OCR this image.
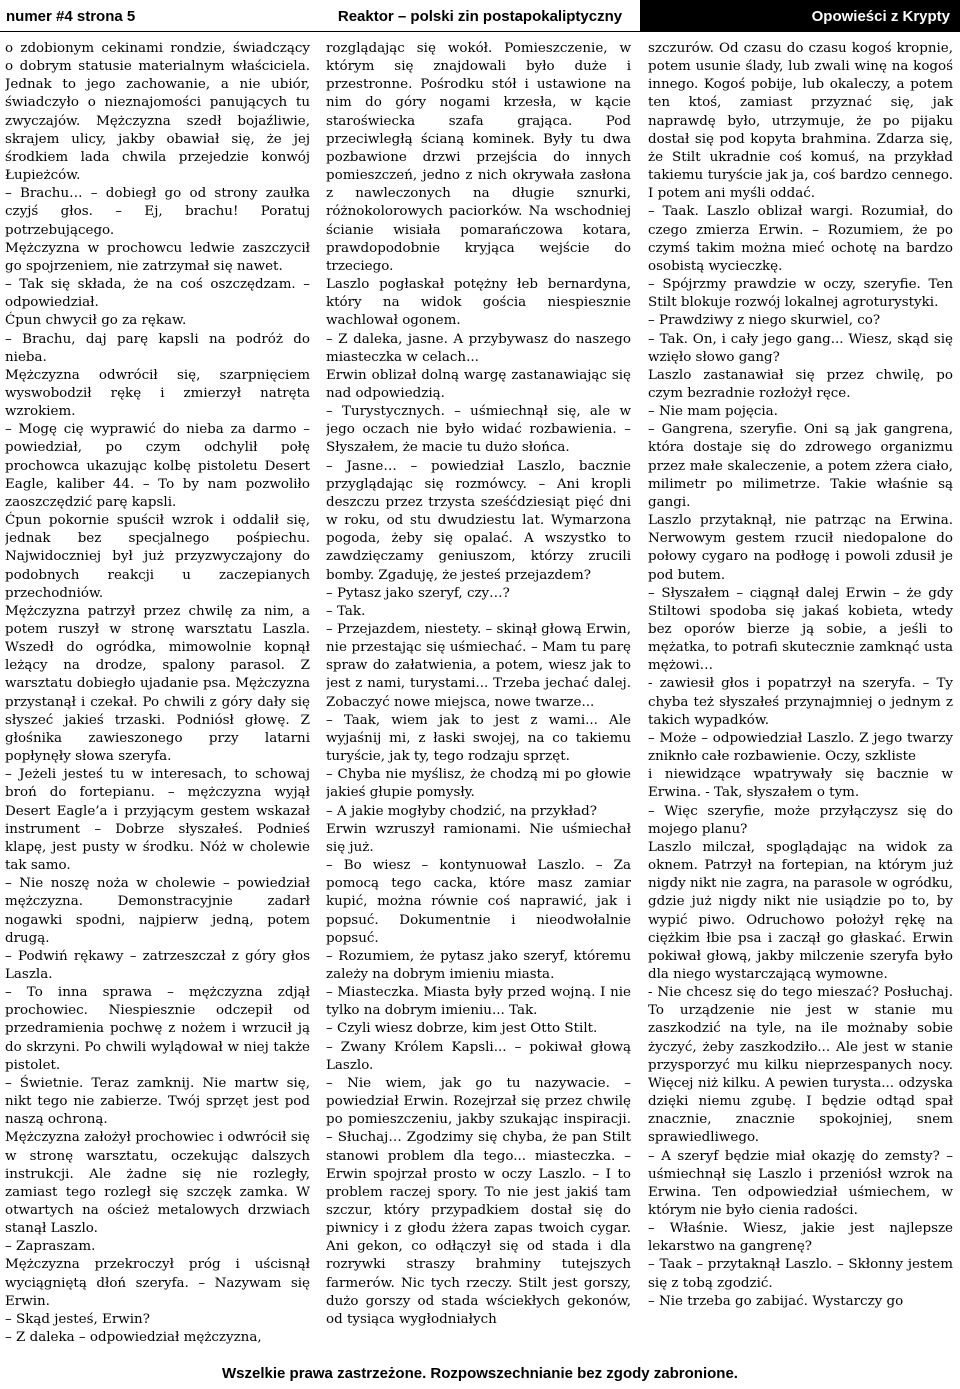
numer #4 strona 5	Reaktor – polski zin postapokaliptyczny	Opowieści z Krypty

o zdobionym cekinami rondzie, świadczący o dobrym statusie materialnym właściciela. Jednak to jego zachowanie, a nie ubiór, świadczyło o nieznajomości panujących tu zwyczajów. Mężczyzna szedł bojaźliwie, skrajem ulicy, jakby obawiał się, że jej środkiem lada chwila przejedzie konwój Łupieżców.

– Brachu… – dobiegł go od strony zaułka czyjś głos. – Ej, brachu! Poratuj potrzebującego.

Mężczyzna w prochowcu ledwie zaszczycił go spojrzeniem, nie zatrzymał się nawet.

– Tak się składa, że na coś oszczędzam. – odpowiedział.

Ćpun chwycił go za rękaw.

– Brachu, daj parę kapsli na podróż do nieba.

Mężczyzna odwrócił się, szarpnięciem wyswobodził rękę i zmierzył natręta wzrokiem.

– Mogę cię wyprawić do nieba za darmo – powiedział, po czym odchylił połę prochowca ukazując kolbę pistoletu Desert Eagle, kaliber 44. – To by nam pozwoliło zaoszczędzić parę kapsli.

Ćpun pokornie spuścił wzrok i oddalił się, jednak bez specjalnego pośpiechu. Najwidoczniej był już przyzwyczajony do podobnych reakcji u zaczepianych przechodniów.

Mężczyzna patrzył przez chwilę za nim, a potem ruszył w stronę warsztatu Laszla. Wszedł do ogródka, mimowolnie kopnął leżący na drodze, spalony parasol. Z warsztatu dobiegło ujadanie psa. Mężczyzna przystanął i czekał. Po chwili z góry dały się słyszeć jakieś trzaski. Podniósł głowę. Z głośnika zawieszonego przy latarni popłynęły słowa szeryfa.

– Jeżeli jesteś tu w interesach, to schowaj broń do fortepianu. – mężczyzna wyjął Desert Eagle’a i przyjącym gestem wskazał instrument – Dobrze słyszałeś. Podnieś klapę, jest pusty w środku. Nóż w cholewie tak samo.

– Nie noszę noża w cholewie – powiedział mężczyzna. Demonstracyjnie zadarł nogawki spodni, najpierw jedną, potem drugą.

– Podwiń rękawy – zatrzeszczał z góry głos Laszla.

– To inna sprawa – mężczyzna zdjął prochowiec. Niespiesznie odczepił od przedramienia pochwę z nożem i wrzucił ją do skrzyni. Po chwili wylądował w niej także pistolet.

– Świetnie. Teraz zamknij. Nie martw się, nikt tego nie zabierze. Twój sprzęt jest pod naszą ochroną.

Mężczyzna założył prochowiec i odwrócił się w stronę warsztatu, oczekując dalszych instrukcji. Ale żadne się nie rozległy, zamiast tego rozległ się szczęk zamka. W otwartych na oścież metalowych drzwiach stanął Laszlo.

– Zapraszam.

Mężczyzna przekroczył próg i uścisnął wyciągniętą dłoń szeryfa. – Nazywam się Erwin.

– Skąd jesteś, Erwin?

– Z daleka – odpowiedział mężczyzna,

rozglądając się wokół. Pomieszczenie, w którym się znajdowali było duże i przestronne. Pośrodku stół i ustawione na nim do góry nogami krzesła, w kącie staroświecka szafa grająca. Pod przeciwległą ścianą kominek. Były tu dwa pozbawione drzwi przejścia do innych pomieszczeń, jedno z nich okrywała zasłona z nawleczonych na długie sznurki, różnokolorowych paciorków. Na wschodniej ścianie wisiała pomarańczowa kotara, prawdopodobnie kryjąca wejście do trzeciego.

Laszlo pogłaskał potężny łeb bernardyna, który na widok gościa niespiesznie wachlował ogonem.

– Z daleka, jasne. A przybywasz do naszego miasteczka w celach...

Erwin oblizał dolną wargę zastanawiając się nad odpowiedzią.

– Turystycznych. – uśmiechnął się, ale w jego oczach nie było widać rozbawienia. – Słyszałem, że macie tu dużo słońca.

– Jasne… – powiedział Laszlo, bacznie przyglądając się rozmówcy. – Ani kropli deszczu przez trzysta sześćdziesiąt pięć dni w roku, od stu dwudziestu lat. Wymarzona pogoda, żeby się opalać. A wszystko to zawdzięczamy geniuszom, którzy zrucili bomby. Zgaduję, że jesteś przejazdem?

– Pytasz jako szeryf, czy…?

– Tak.

– Przejazdem, niestety. – skinął głową Erwin, nie przestając się uśmiechać. – Mam tu parę spraw do załatwienia, a potem, wiesz jak to jest z nami, turystami... Trzeba jechać dalej. Zobaczyć nowe miejsca, nowe twarze...

– Taak, wiem jak to jest z wami... Ale wyjaśnij mi, z łaski swojej, na co takiemu turyście, jak ty, tego rodzaju sprzęt.

– Chyba nie myślisz, że chodzą mi po głowie jakieś głupie pomysły.

– A jakie mogłyby chodzić, na przykład?

Erwin wzruszył ramionami. Nie uśmiechał się już.

– Bo wiesz – kontynuował Laszlo. – Za pomocą tego cacka, które masz zamiar kupić, można równie coś naprawić, jak i popsuć. Dokumentnie i nieodwołalnie popsuć.

– Rozumiem, że pytasz jako szeryf, któremu zależy na dobrym imieniu miasta.

– Miasteczka. Miasta były przed wojną. I nie tylko na dobrym imieniu... Tak.

– Czyli wiesz dobrze, kim jest Otto Stilt.

– Zwany Królem Kapsli... – pokiwał głową Laszlo.

– Nie wiem, jak go tu nazywacie. – powiedział Erwin. Rozejrzał się przez chwilę po pomieszczeniu, jakby szukając inspiracji. – Słuchaj… Zgodzimy się chyba, że pan Stilt stanowi problem dla tego... miasteczka. – Erwin spojrzał prosto w oczy Laszlo. – I to problem raczej spory. To nie jest jakiś tam szczur, który przypadkiem dostał się do piwnicy i z głodu żżera zapas twoich cygar. Ani gekon, co odłączył się od stada i dla rozrywki straszy brahminy tutejszych farmerów. Nic tych rzeczy. Stilt jest gorszy, dużo gorszy od stada wściekłych gekonów, od tysiąca wygłodniałych

szczurów. Od czasu do czasu kogoś kropnie, potem usunie ślady, lub zwali winę na kogoś innego. Kogoś pobije, lub okaleczy, a potem ten ktoś, zamiast przyznać się, jak naprawdę było, utrzymuje, że po pijaku dostał się pod kopyta brahmina. Zdarza się, że Stilt ukradnie coś komuś, na przykład takiemu turyście jak ja, coś bardzo cennego. I potem ani myśli oddać.

– Taak. Laszlo oblizał wargi. Rozumiał, do czego zmierza Erwin. – Rozumiem, że po czymś takim można mieć ochotę na bardzo osobistą wycieczkę.

– Spójrzmy prawdzie w oczy, szeryfie. Ten Stilt blokuje rozwój lokalnej agroturystyki.

– Prawdziwy z niego skurwiel, co?

– Tak. On, i cały jego gang... Wiesz, skąd się wzięło słowo gang?

Laszlo zastanawiał się przez chwilę, po czym bezradnie rozłożył ręce.

– Nie mam pojęcia.

– Gangrena, szeryfie. Oni są jak gangrena, która dostaje się do zdrowego organizmu przez małe skaleczenie, a potem zżera ciało, milimetr po milimetrze. Takie właśnie są gangi.

Laszlo przytaknął, nie patrząc na Erwina. Nerwowym gestem rzucił niedopalone do połowy cygaro na podłogę i powoli zdusił je pod butem.

– Słyszałem – ciągnął dalej Erwin – że gdy Stiltowi spodoba się jakaś kobieta, wtedy bez oporów bierze ją sobie, a jeśli to mężatka, to potrafi skutecznie zamknąć usta mężowi…

- zawiesił głos i popatrzył na szeryfa. – Ty chyba też słyszałeś przynajmniej o jednym z takich wypadków.

– Może – odpowiedział Laszlo. Z jego twarzy zniknło całe rozbawienie. Oczy, szkliste

i niewidzące wpatrywały się bacznie w Erwina. - Tak, słyszałem o tym.

– Więc szeryfie, może przyłączysz się do mojego planu?

Laszlo milczał, spoglądając na widok za oknem. Patrzył na fortepian, na którym już nigdy nikt nie zagra, na parasole w ogródku, gdzie już nigdy nikt nie usiądzie po to, by wypić piwo. Odruchowo położył rękę na ciężkim łbie psa i zaczął go głaskać. Erwin pokiwał głową, jakby milczenie szeryfa było dla niego wystarczającą wymowne.

- Nie chcesz się do tego mieszać? Posłuchaj. To urządzenie nie jest w stanie mu zaszkodzić na tyle, na ile możnaby sobie życzyć, żeby zaszkodziło... Ale jest w stanie przysporzyć mu kilku nieprzespanych nocy. Więcej niż kilku. A pewien turysta... odzyska dzięki niemu zgubę. I będzie odtąd spał znacznie, znacznie spokojniej, snem sprawiedliwego.

– A szeryf będzie miał okazję do zemsty? – uśmiechnął się Laszlo i przeniósł wzrok na Erwina. Ten odpowiedział uśmiechem, w którym nie było cienia radości.

– Właśnie. Wiesz, jakie jest najlepsze lekarstwo na gangrenę?

– Taak – przytaknął Laszlo. – Skłonny jestem się z tobą zgodzić.

– Nie trzeba go zabijać. Wystarczy go

Wszelkie prawa zastrzeżone. Rozpowszechnianie bez zgody zabronione.
